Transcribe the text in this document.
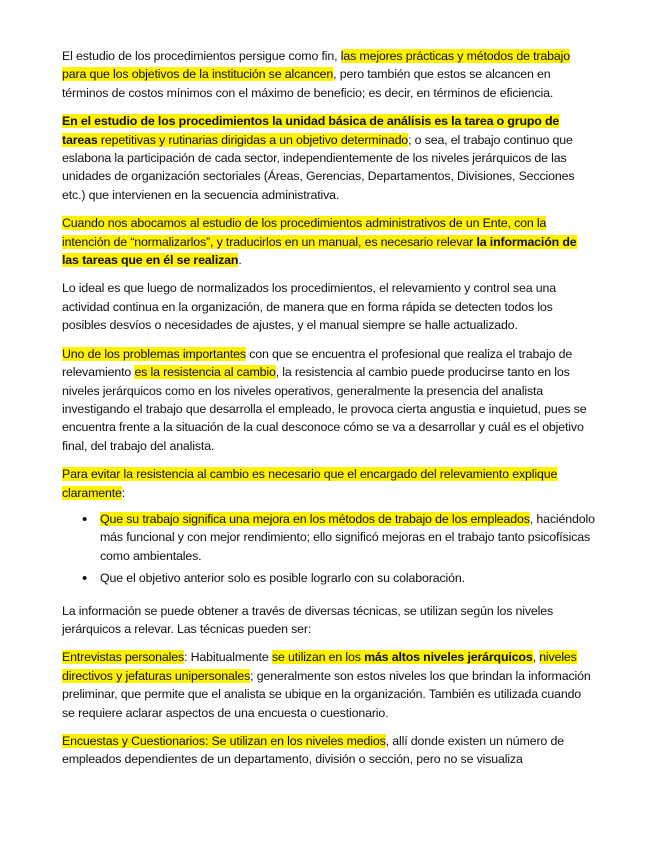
El estudio de los procedimientos persigue como fin, las mejores prácticas y métodos de trabajo para que los objetivos de la institución se alcancen, pero también que estos se alcancen en términos de costos mínimos con el máximo de beneficio; es decir, en términos de eficiencia.

En el estudio de los procedimientos la unidad básica de análisis es la tarea o grupo de tareas repetitivas y rutinarias dirigidas a un objetivo determinado; o sea, el trabajo continuo que eslabona la participación de cada sector, independientemente de los niveles jerárquicos de las unidades de organización sectoriales (Áreas, Gerencias, Departamentos, Divisiones, Secciones etc.) que intervienen en la secuencia administrativa.

Cuando nos abocamos al estudio de los procedimientos administrativos de un Ente, con la intención de “normalizarlos”, y traducirlos en un manual, es necesario relevar la información de las tareas que en él se realizan.

Lo ideal es que luego de normalizados los procedimientos, el relevamiento y control sea una actividad continua en la organización, de manera que en forma rápida se detecten todos los posibles desvíos o necesidades de ajustes, y el manual siempre se halle actualizado.

Uno de los problemas importantes con que se encuentra el profesional que realiza el trabajo de relevamiento es la resistencia al cambio, la resistencia al cambio puede producirse tanto en los niveles jerárquicos como en los niveles operativos, generalmente la presencia del analista investigando el trabajo que desarrolla el empleado, le provoca cierta angustia e inquietud, pues se encuentra frente a la situación de la cual desconoce cómo se va a desarrollar y cuál es el objetivo final, del trabajo del analista.

Para evitar la resistencia al cambio es necesario que el encargado del relevamiento explique claramente:

• Que su trabajo significa una mejora en los métodos de trabajo de los empleados, haciéndolo más funcional y con mejor rendimiento; ello significó mejoras en el trabajo tanto psicofísicas como ambientales.
• Que el objetivo anterior solo es posible lograrlo con su colaboración.

La información se puede obtener a través de diversas técnicas, se utilizan según los niveles jerárquicos a relevar. Las técnicas pueden ser:

Entrevistas personales: Habitualmente se utilizan en los más altos niveles jerárquicos, niveles directivos y jefaturas unipersonales; generalmente son estos niveles los que brindan la información preliminar, que permite que el analista se ubique en la organización. También es utilizada cuando se requiere aclarar aspectos de una encuesta o cuestionario.

Encuestas y Cuestionarios: Se utilizan en los niveles medios, allí donde existen un número de empleados dependientes de un departamento, división o sección, pero no se visualiza
